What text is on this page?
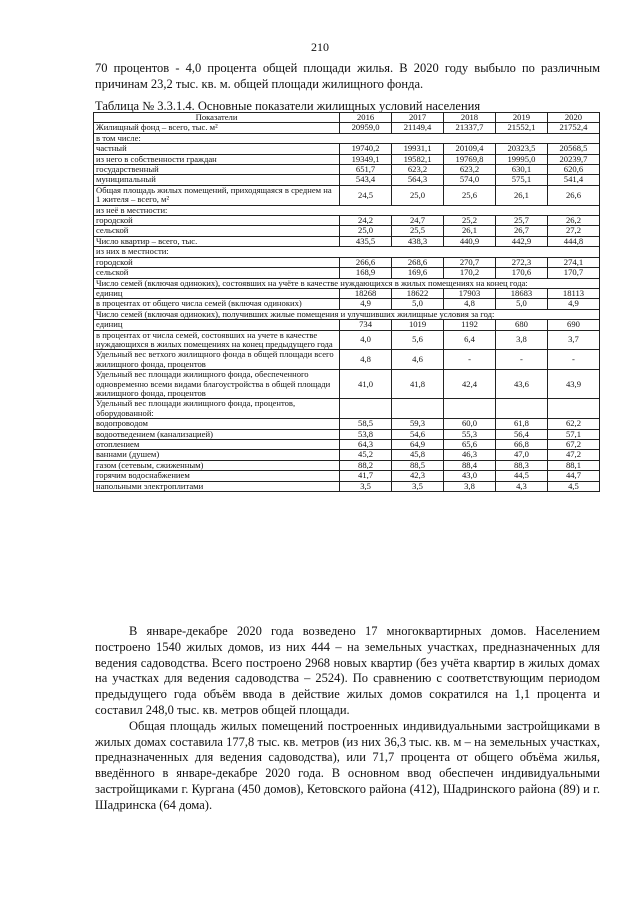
210
70 процентов - 4,0 процента общей площади жилья. В 2020 году выбыло по различным причинам 23,2 тыс. кв. м. общей площади жилищного фонда.
Таблица № 3.3.1.4. Основные показатели жилищных условий населения
Показатели	2016	2017	2018	2019	2020
Жилищный фонд – всего, тыс. м²	20959,0	21149,4	21337,7	21552,1	21752,4
в том числе:					
частный	19740,2	19931,1	20109,4	20323,5	20568,5
из него в собственности граждан	19349,1	19582,1	19769,8	19995,0	20239,7
государственный	651,7	623,2	623,2	630,1	620,6
муниципальный	543,4	564,3	574,0	575,1	541,4
Общая площадь жилых помещений, приходящаяся в среднем на 1 жителя – всего, м²	24,5	25,0	25,6	26,1	26,6
из неё в местности:					
городской	24,2	24,7	25,2	25,7	26,2
сельской	25,0	25,5	26,1	26,7	27,2
Число квартир – всего, тыс.	435,5	438,3	440,9	442,9	444,8
из них в местности:					
городской	266,6	268,6	270,7	272,3	274,1
сельской	168,9	169,6	170,2	170,6	170,7
Число семей (включая одиноких), состоявших на учёте в качестве нуждающихся в жилых помещениях на конец года:					
единиц	18268	18622	17903	18683	18113
в процентах от общего числа семей (включая одиноких)	4,9	5,0	4,8	5,0	4,9
Число семей (включая одиноких), получивших жилые помещения и улучшивших жилищные условия за год:					
единиц	734	1019	1192	680	690
в процентах от числа семей, состоявших на учете в качестве нуждающихся в жилых помещениях на конец предыдущего года	4,0	5,6	6,4	3,8	3,7
Удельный вес ветхого жилищного фонда в общей площади всего жилищного фонда, процентов	4,8	4,6	-	-	-
Удельный вес площади жилищного фонда, обеспеченного одновременно всеми видами благоустройства в общей площади жилищного фонда, процентов	41,0	41,8	42,4	43,6	43,9
Удельный вес площади жилищного фонда, процентов, оборудованной:					
водопроводом	58,5	59,3	60,0	61,8	62,2
водоотведением (канализацией)	53,8	54,6	55,3	56,4	57,1
отоплением	64,3	64,9	65,6	66,8	67,2
ваннами (душем)	45,2	45,8	46,3	47,0	47,2
газом (сетевым, сжиженным)	88,2	88,5	88,4	88,3	88,1
горячим водоснабжением	41,7	42,3	43,0	44,5	44,7
напольными электроплитами	3,5	3,5	3,8	4,3	4,5

В январе-декабре 2020 года возведено 17 многоквартирных домов. Населением построено 1540 жилых домов, из них 444 – на земельных участках, предназначенных для ведения садоводства. Всего построено 2968 новых квартир (без учёта квартир в жилых домах на участках для ведения садоводства – 2524). По сравнению с соответствующим периодом предыдущего года объём ввода в действие жилых домов сократился на 1,1 процента и составил 248,0 тыс. кв. метров общей площади.

Общая площадь жилых помещений построенных индивидуальными застройщиками в жилых домах составила 177,8 тыс. кв. метров (из них 36,3 тыс. кв. м – на земельных участках, предназначенных для ведения садоводства), или 71,7 процента от общего объёма жилья, введённого в январе-декабре 2020 года. В основном ввод обеспечен индивидуальными застройщиками г. Кургана (450 домов), Кетовского района (412), Шадринского района (89) и г. Шадринска (64 дома).
